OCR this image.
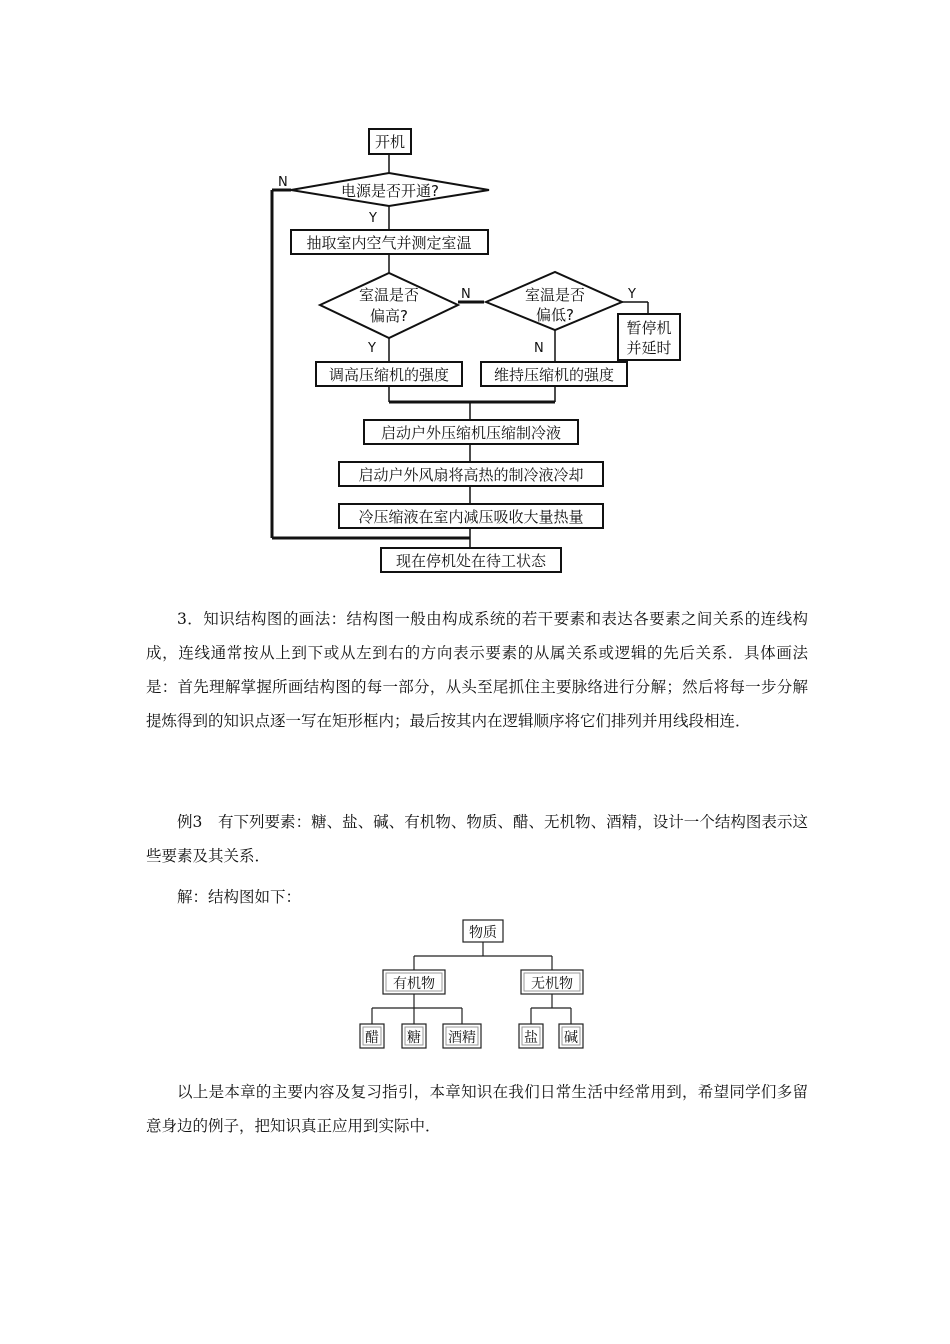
开机
电源是否开通?
N
Y
抽取室内空气并测定室温
室温是否
偏高?
N
Y
室温是否
偏低?
Y
N
暂停机
并延时
调高压缩机的强度	维持压缩机的强度
启动户外压缩机压缩制冷液
启动户外风扇将高热的制冷液冷却
冷压缩液在室内减压吸收大量热量
现在停机处在待工状态

3．知识结构图的画法：结构图一般由构成系统的若干要素和表达各要素之间关系的连线构成，连线通常按从上到下或从左到右的方向表示要素的从属关系或逻辑的先后关系．具体画法是：首先理解掌握所画结构图的每一部分，从头至尾抓住主要脉络进行分解；然后将每一步分解提炼得到的知识点逐一写在矩形框内；最后按其内在逻辑顺序将它们排列并用线段相连．

例3　有下列要素：糖、盐、碱、有机物、物质、醋、无机物、酒精，设计一个结构图表示这些要素及其关系．

解：结构图如下：

物质
有机物	无机物
醋 糖 酒精	盐 碱

以上是本章的主要内容及复习指引，本章知识在我们日常生活中经常用到，希望同学们多留意身边的例子，把知识真正应用到实际中．
